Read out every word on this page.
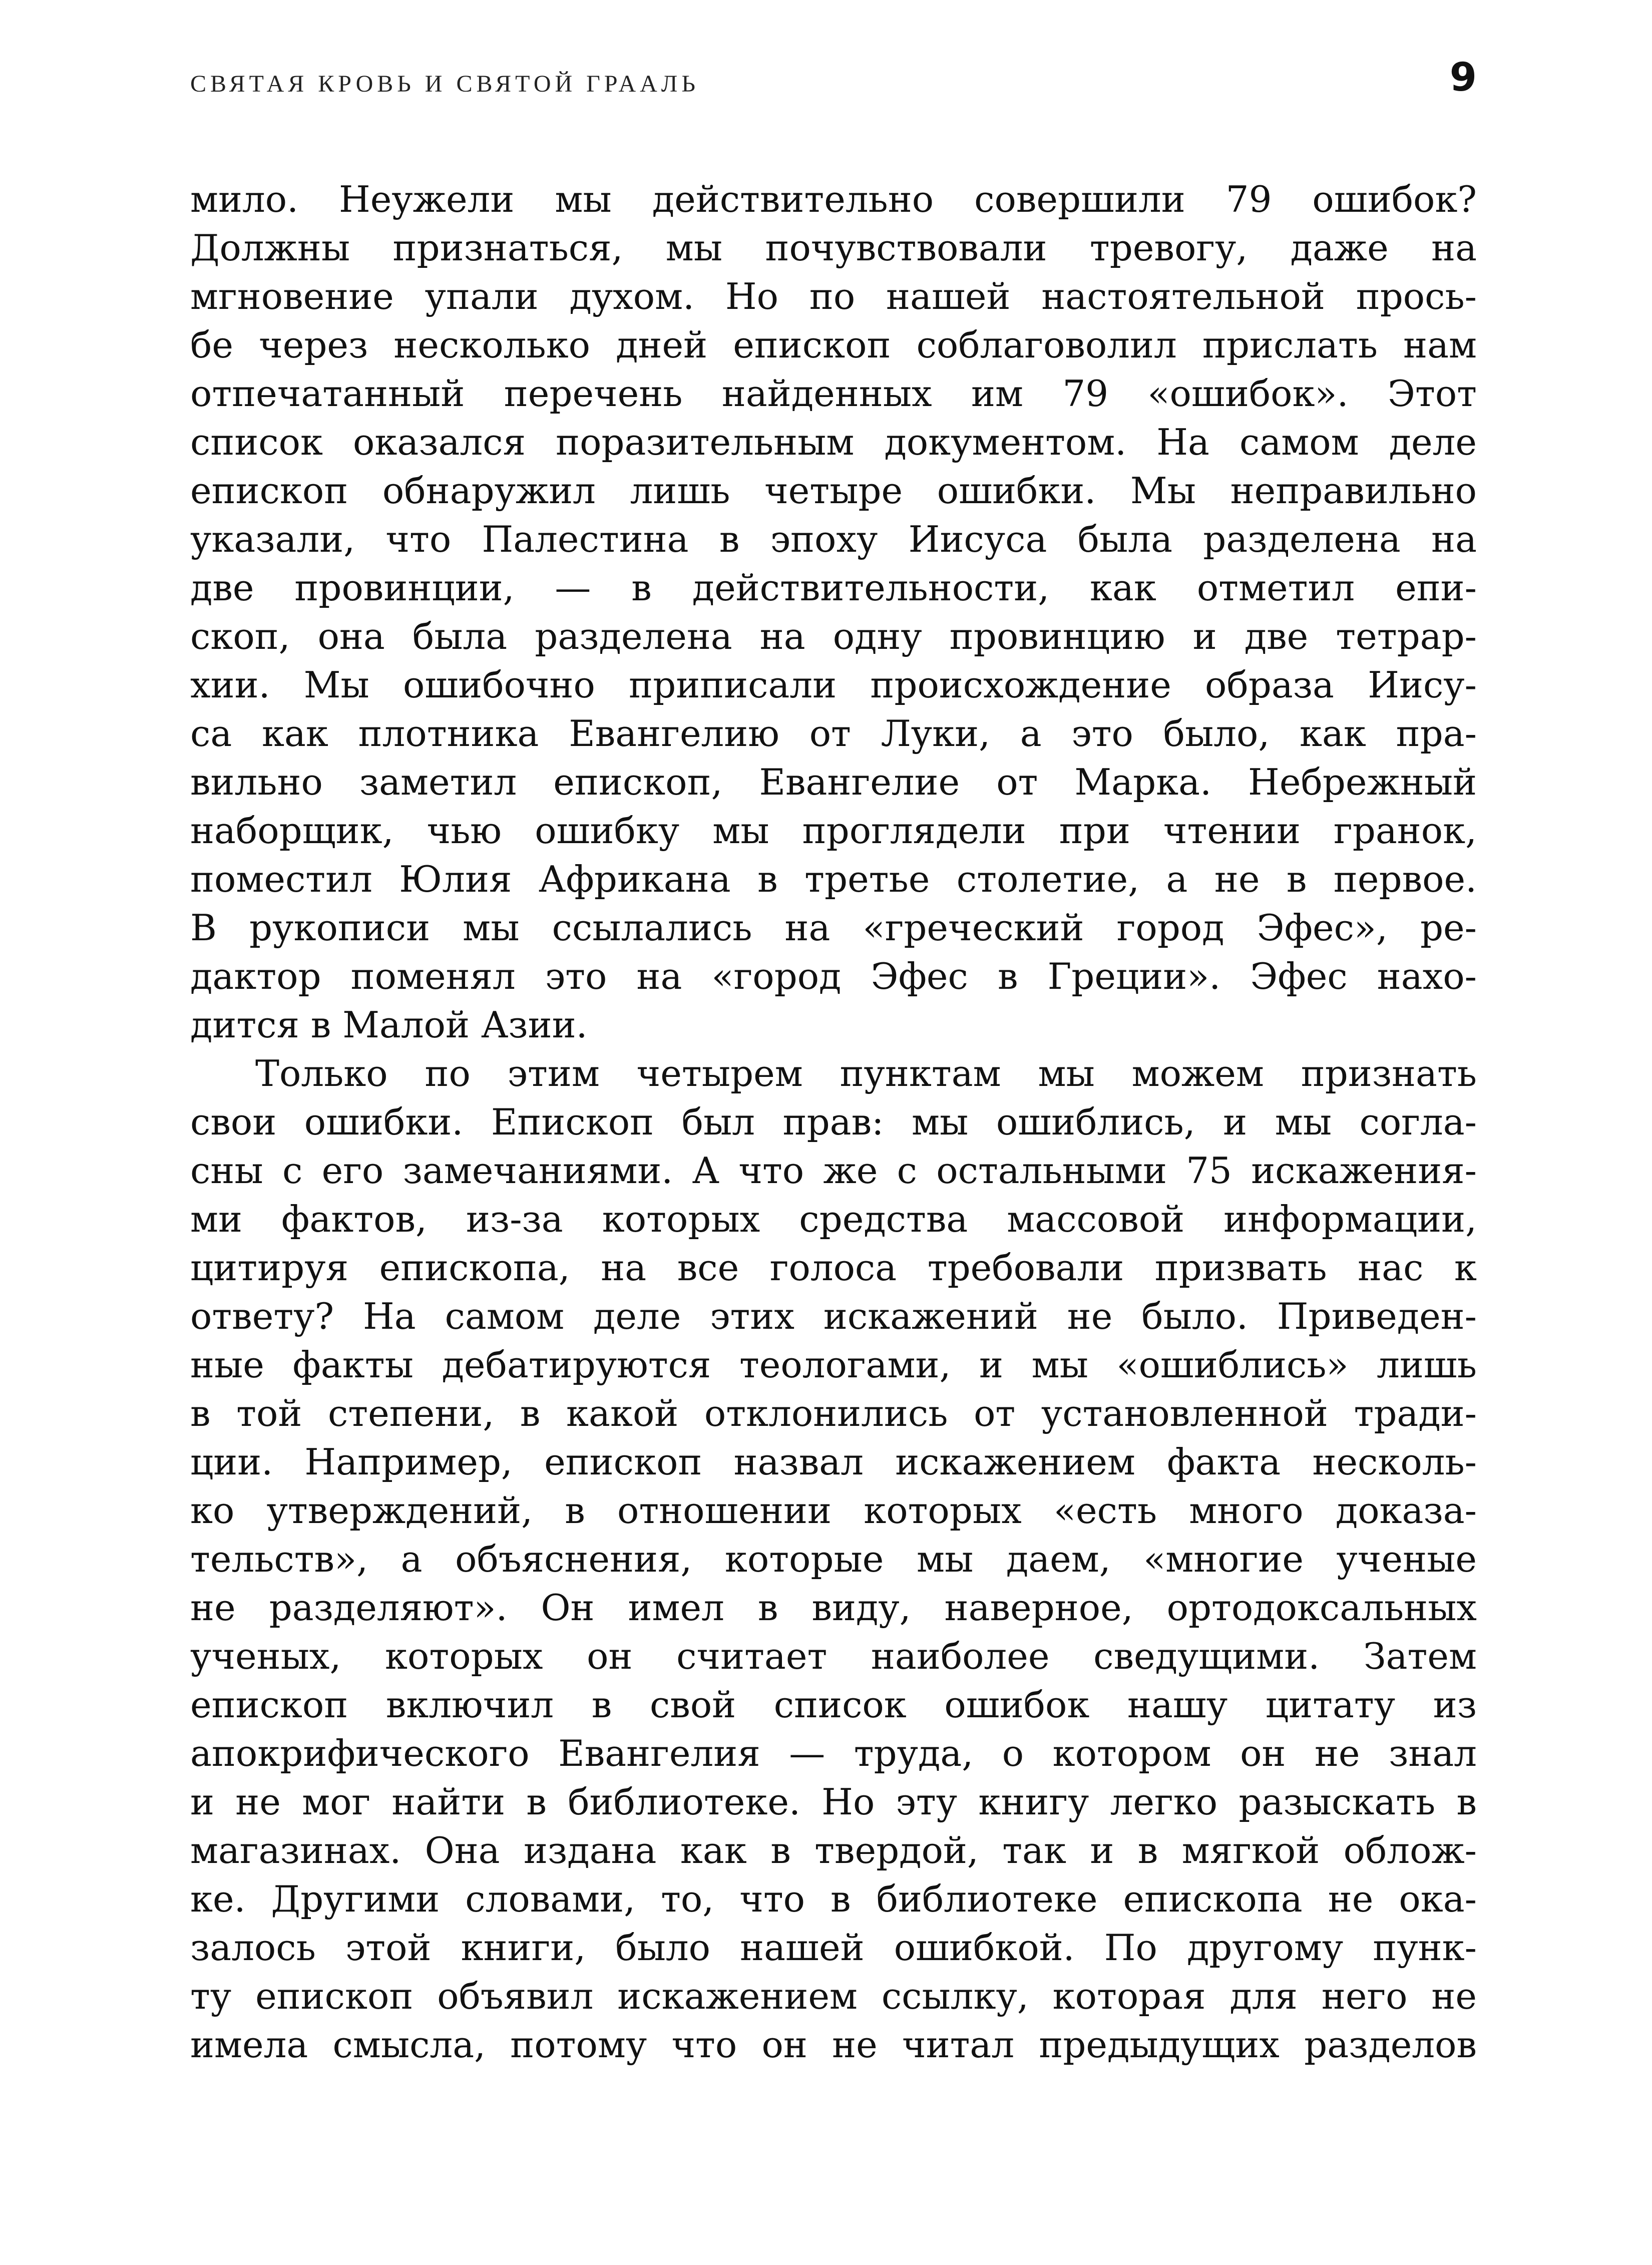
СВЯТАЯ КРОВЬ И СВЯТОЙ ГРААЛЬ	9
мило. Неужели мы действительно совершили 79 ошибок?
Должны признаться, мы почувствовали тревогу, даже на
мгновение упали духом. Но по нашей настоятельной прось-
бе через несколько дней епископ соблаговолил прислать нам
отпечатанный перечень найденных им 79 «ошибок». Этот
список оказался поразительным документом. На самом деле
епископ обнаружил лишь четыре ошибки. Мы неправильно
указали, что Палестина в эпоху Иисуса была разделена на
две провинции, — в действительности, как отметил епи-
скоп, она была разделена на одну провинцию и две тетрар-
хии. Мы ошибочно приписали происхождение образа Иису-
са как плотника Евангелию от Луки, а это было, как пра-
вильно заметил епископ, Евангелие от Марка. Небрежный
наборщик, чью ошибку мы проглядели при чтении гранок,
поместил Юлия Африкана в третье столетие, а не в первое.
В рукописи мы ссылались на «греческий город Эфес», ре-
дактор поменял это на «город Эфес в Греции». Эфес нахо-
дится в Малой Азии.
Только по этим четырем пунктам мы можем признать
свои ошибки. Епископ был прав: мы ошиблись, и мы согла-
сны с его замечаниями. А что же с остальными 75 искажения-
ми фактов, из-за которых средства массовой информации,
цитируя епископа, на все голоса требовали призвать нас к
ответу? На самом деле этих искажений не было. Приведен-
ные факты дебатируются теологами, и мы «ошиблись» лишь
в той степени, в какой отклонились от установленной тради-
ции. Например, епископ назвал искажением факта несколь-
ко утверждений, в отношении которых «есть много доказа-
тельств», а объяснения, которые мы даем, «многие ученые
не разделяют». Он имел в виду, наверное, ортодоксальных
ученых, которых он считает наиболее сведущими. Затем
епископ включил в свой список ошибок нашу цитату из
апокрифического Евангелия — труда, о котором он не знал
и не мог найти в библиотеке. Но эту книгу легко разыскать в
магазинах. Она издана как в твердой, так и в мягкой облож-
ке. Другими словами, то, что в библиотеке епископа не ока-
залось этой книги, было нашей ошибкой. По другому пунк-
ту епископ объявил искажением ссылку, которая для него не
имела смысла, потому что он не читал предыдущих разделов
